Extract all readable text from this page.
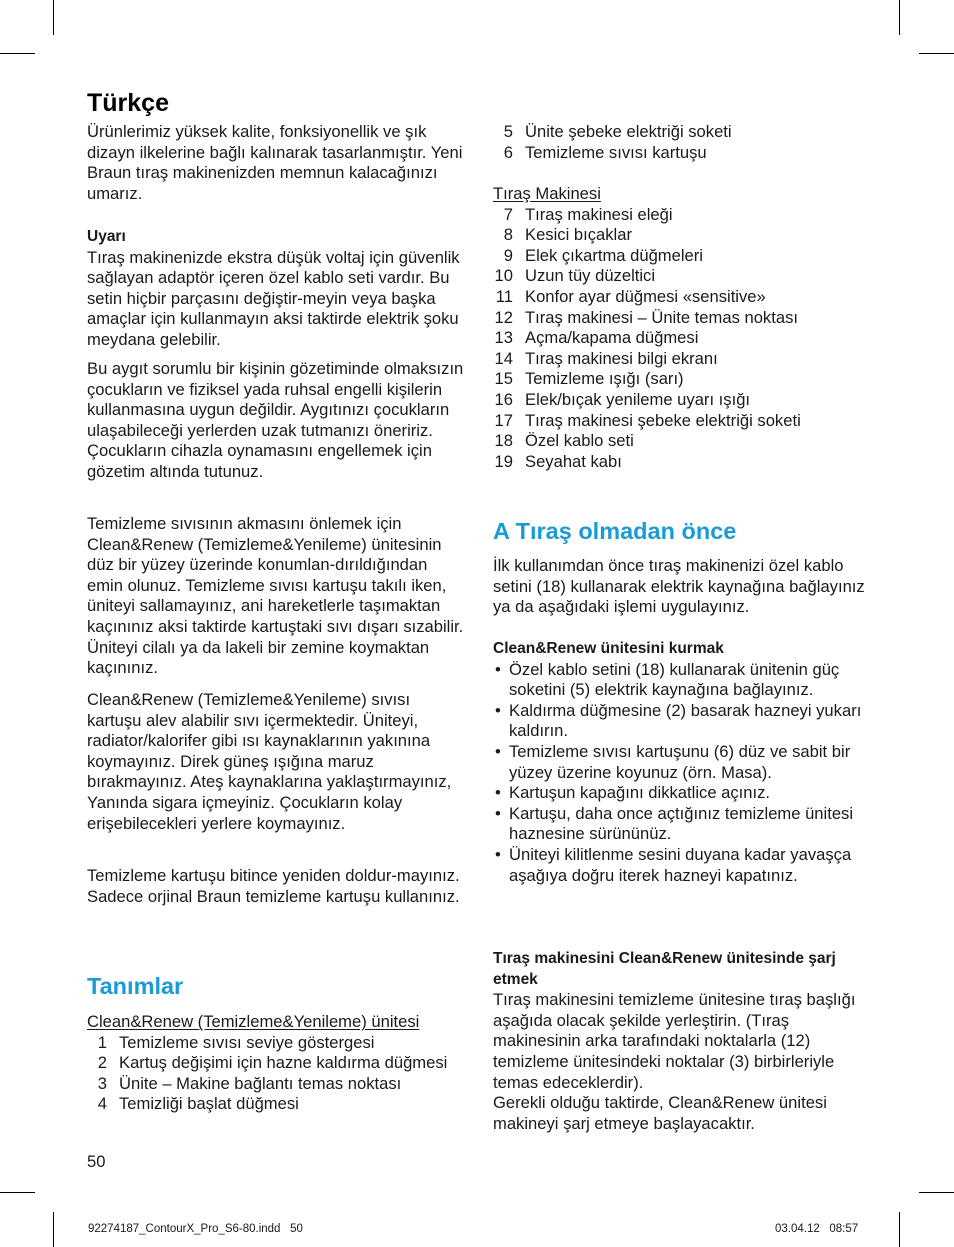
Türkçe

Ürünlerimiz yüksek kalite, fonksiyonellik ve şık dizayn ilkelerine bağlı kalınarak tasarlanmıştır. Yeni Braun tıraş makinenizden memnun kalacağınızı umarız.

Uyarı

Tıraş makinenizde ekstra düşük voltaj için güvenlik sağlayan adaptör içeren özel kablo seti vardır. Bu setin hiçbir parçasını değiştir-meyin veya başka amaçlar için kullanmayın aksi taktirde elektrik şoku meydana gelebilir.

Bu aygıt sorumlu bir kişinin gözetiminde olmaksızın çocukların ve fiziksel yada ruhsal engelli kişilerin kullanmasına uygun değildir. Aygıtınızı çocukların ulaşabileceği yerlerden uzak tutmanızı öneririz. Çocukların cihazla oynamasını engellemek için gözetim altında tutunuz.

Temizleme sıvısının akmasını önlemek için Clean&Renew (Temizleme&Yenileme) ünitesinin düz bir yüzey üzerinde konumlan-dırıldığından emin olunuz. Temizleme sıvısı kartuşu takılı iken, üniteyi sallamayınız, ani hareketlerle taşımaktan kaçınınız aksi taktirde kartuştaki sıvı dışarı sızabilir. Üniteyi cilalı ya da lakeli bir zemine koymaktan kaçınınız.

Clean&Renew (Temizleme&Yenileme) sıvısı kartuşu alev alabilir sıvı içermektedir. Üniteyi, radiator/kalorifer gibi ısı kaynaklarının yakınına koymayınız. Direk güneş ışığına maruz bırakmayınız. Ateş kaynaklarına yaklaştırmayınız, Yanında sigara içmeyiniz. Çocukların kolay erişebilecekleri yerlere koymayınız.

Temizleme kartuşu bitince yeniden doldur-mayınız. Sadece orjinal Braun temizleme kartuşu kullanınız.

Tanımlar
Clean&Renew (Temizleme&Yenileme) ünitesi
1 Temizleme sıvısı seviye göstergesi
2 Kartuş değişimi için hazne kaldırma düğmesi
3 Ünite – Makine bağlantı temas noktası
4 Temizliği başlat düğmesi
50
5 Ünite şebeke elektriği soketi
6 Temizleme sıvısı kartuşu
Tıraş Makinesi
7 Tıraş makinesi eleği
8 Kesici bıçaklar
9 Elek çıkartma düğmeleri
10 Uzun tüy düzeltici
11 Konfor ayar düğmesi «sensitive»
12 Tıraş makinesi – Ünite temas noktası
13 Açma/kapama düğmesi
14 Tıraş makinesi bilgi ekranı
15 Temizleme ışığı (sarı)
16 Elek/bıçak yenileme uyarı ışığı
17 Tıraş makinesi şebeke elektriği soketi
18 Özel kablo seti
19 Seyahat kabı
A Tıraş olmadan önce

İlk kullanımdan önce tıraş makinenizi özel kablo setini (18) kullanarak elektrik kaynağına bağlayınız ya da aşağıdaki işlemi uygulayınız.

Clean&Renew ünitesini kurmak
• Özel kablo setini (18) kullanarak ünitenin güç soketini (5) elektrik kaynağına bağlayınız.
• Kaldırma düğmesine (2) basarak hazneyi yukarı kaldırın.
• Temizleme sıvısı kartuşunu (6) düz ve sabit bir yüzey üzerine koyunuz (örn. Masa).
• Kartuşun kapağını dikkatlice açınız.
• Kartuşu, daha once açtığınız temizleme ünitesi haznesine sürününüz.
• Üniteyi kilitlenme sesini duyana kadar yavaşça aşağıya doğru iterek hazneyi kapatınız.
Tıraş makinesini Clean&Renew ünitesinde şarj etmek

Tıraş makinesini temizleme ünitesine tıraş başlığı aşağıda olacak şekilde yerleştirin. (Tıraş makinesinin arka tarafındaki noktalarla (12) temizleme ünitesindeki noktalar (3) birbirleriyle temas edeceklerdir).

Gerekli olduğu taktirde, Clean&Renew ünitesi makineyi şarj etmeye başlayacaktır.

92274187_ContourX_Pro_S6-80.indd 50	03.04.12 08:57
